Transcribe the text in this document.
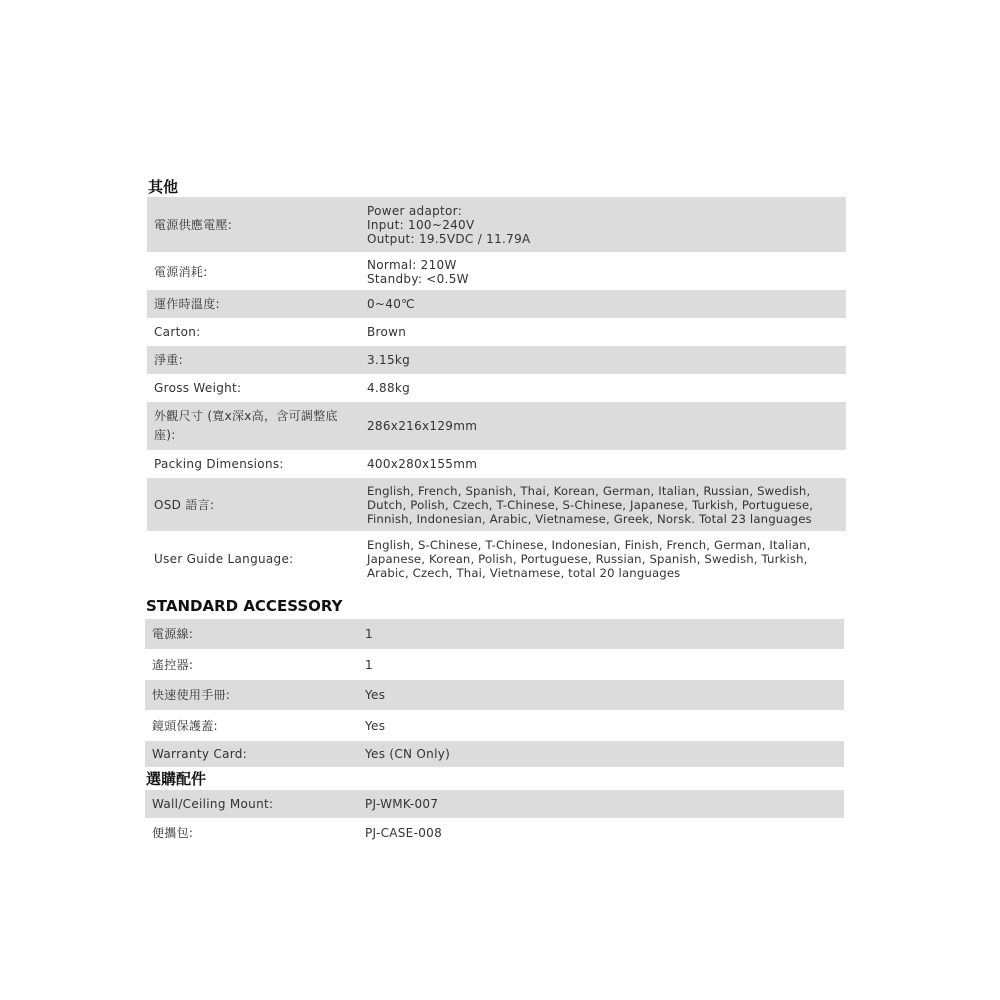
其他
電源供應電壓:	Power adaptor:
Input: 100~240V
Output: 19.5VDC / 11.79A

電源消耗:	Normal: 210W
Standby: <0.5W

運作時溫度:	0~40℃
Carton:	Brown
淨重:	3.15kg
Gross Weight:	4.88kg
外觀尺寸 (寬x深x高，含可調整底座):	286x216x129mm
Packing Dimensions:	400x280x155mm
OSD 語言:	English, French, Spanish, Thai, Korean, German, Italian, Russian, Swedish,
Dutch, Polish, Czech, T-Chinese, S-Chinese, Japanese, Turkish, Portuguese,
Finnish, Indonesian, Arabic, Vietnamese, Greek, Norsk. Total 23 languages

User Guide Language:	English, S-Chinese, T-Chinese, Indonesian, Finish, French, German, Italian,
Japanese, Korean, Polish, Portuguese, Russian, Spanish, Swedish, Turkish,
Arabic, Czech, Thai, Vietnamese, total 20 languages
STANDARD ACCESSORY
電源線:	1
遙控器:	1
快速使用手冊:	Yes
鏡頭保護蓋:	Yes
Warranty Card:	Yes (CN Only)
選購配件
Wall/Ceiling Mount:	PJ-WMK-007
便攜包:	PJ-CASE-008
